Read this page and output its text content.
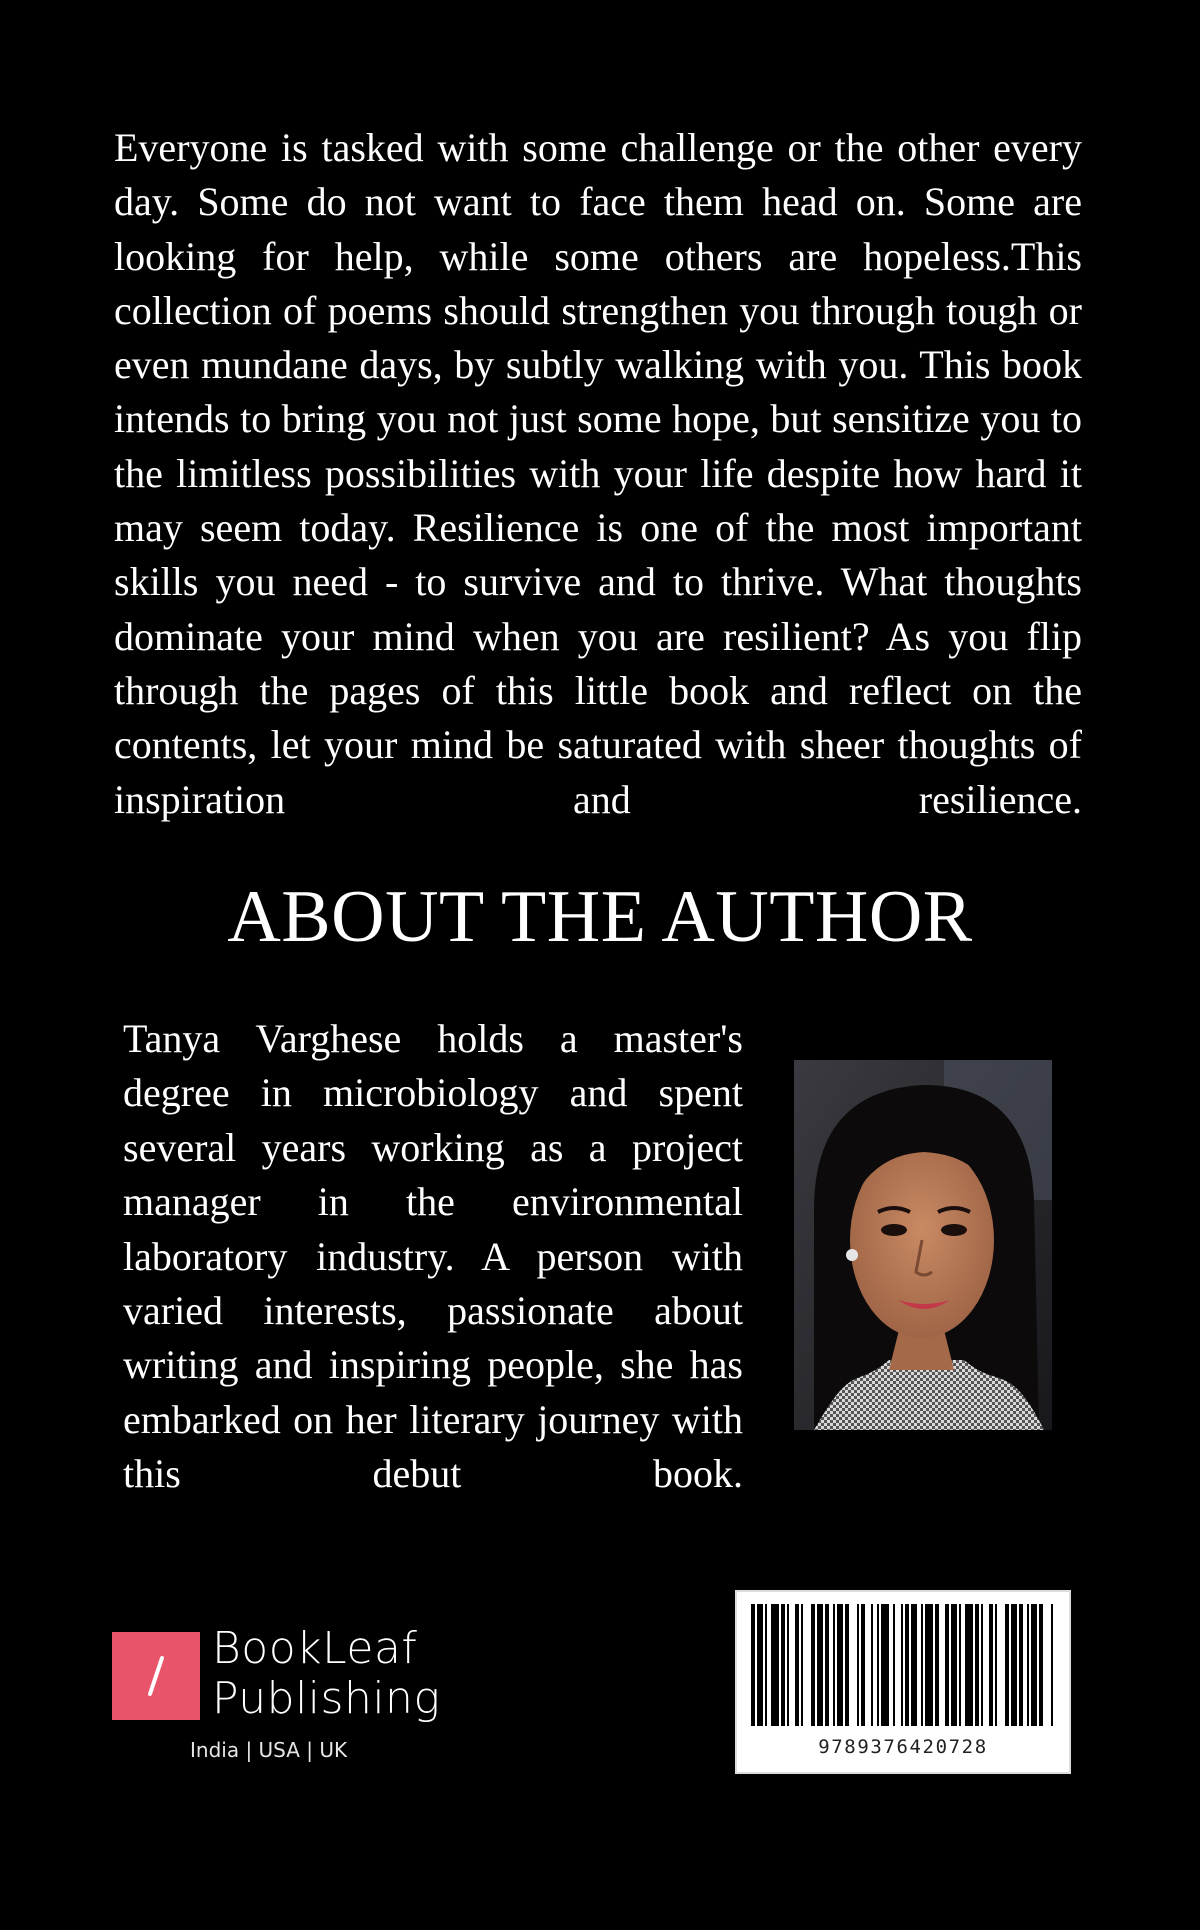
Everyone is tasked with some challenge or the other every day. Some do not want to face them head on. Some are looking for help, while some others are hopeless.This collection of poems should strengthen you through tough or even mundane days, by subtly walking with you. This book intends to bring you not just some hope, but sensitize you to the limitless possibilities with your life despite how hard it may seem today. Resilience is one of the most important skills you need - to survive and to thrive. What thoughts dominate your mind when you are resilient? As you flip through the pages of this little book and reflect on the contents, let your mind be saturated with sheer thoughts of inspiration and resilience.

ABOUT THE AUTHOR

Tanya Varghese holds a master's degree in microbiology and spent several years working as a project manager in the environmental laboratory industry. A person with varied interests, passionate about writing and inspiring people, she has embarked on her literary journey with this debut book.

BookLeaf
Publishing
India | USA | UK	9789376420728
